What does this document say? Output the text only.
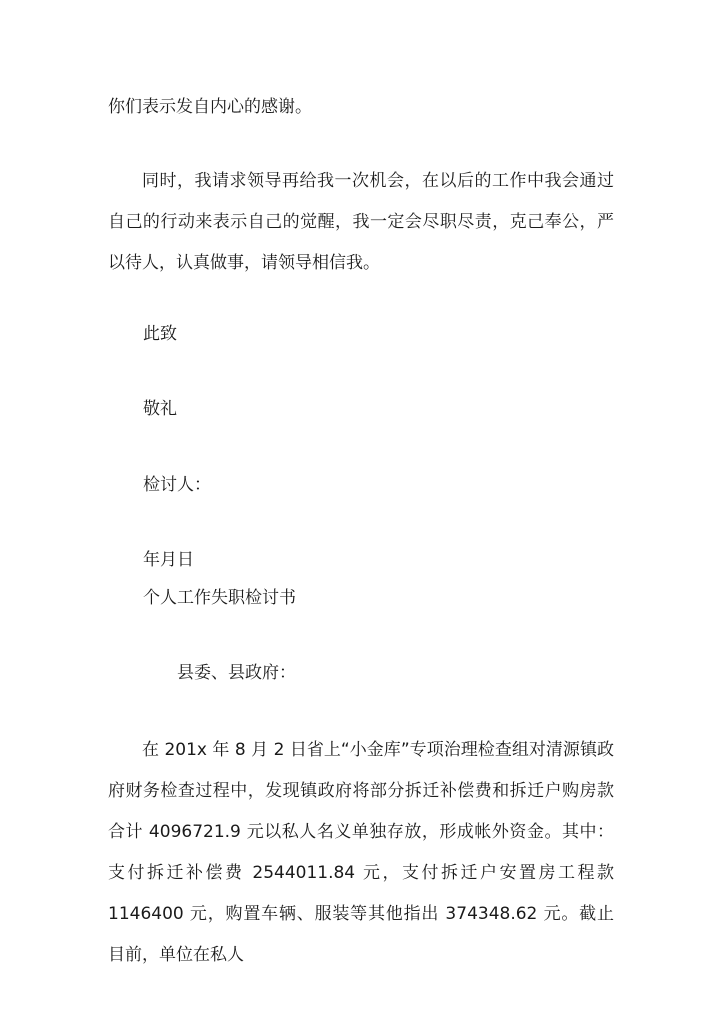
你们表示发自内心的感谢。
同时，我请求领导再给我一次机会，在以后的工作中我会通过自己的行动来表示自己的觉醒，我一定会尽职尽责，克己奉公，严以待人，认真做事，请领导相信我。
此致
敬礼
检讨人：
年月日
个人工作失职检讨书
县委、县政府：
在 201x 年 8 月 2 日省上“小金库”专项治理检查组对清源镇政府财务检查过程中，发现镇政府将部分拆迁补偿费和拆迁户购房款合计 4096721.9 元以私人名义单独存放，形成帐外资金。其中：支付拆迁补偿费 2544011.84 元，支付拆迁户安置房工程款 1146400 元，购置车辆、服装等其他指出 374348.62 元。截止目前，单位在私人
